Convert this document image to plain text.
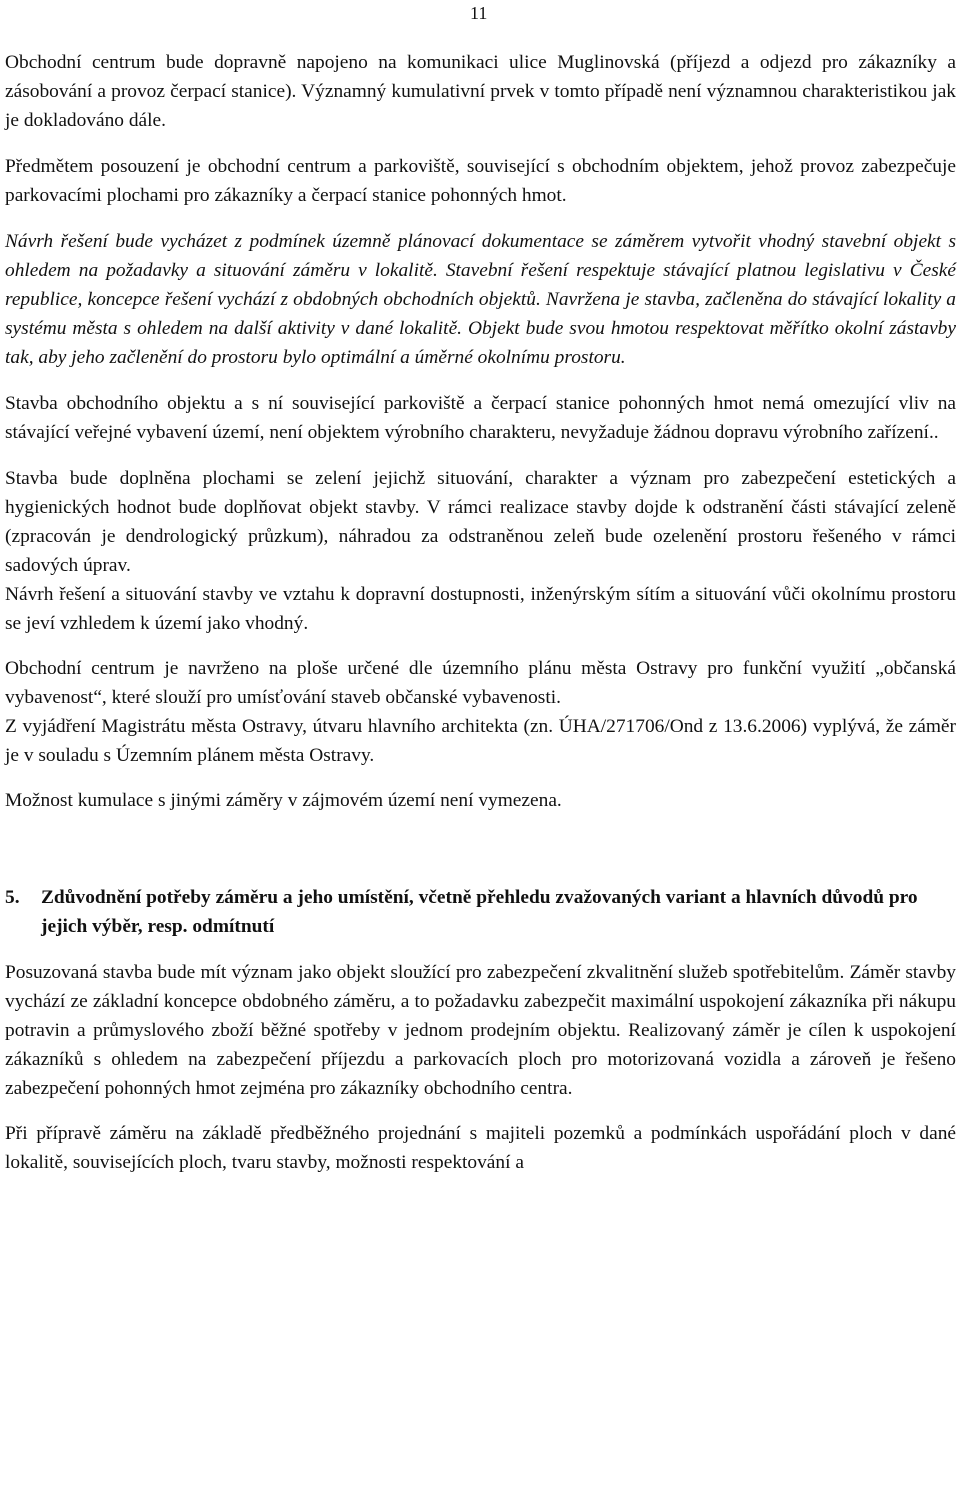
11

Obchodní centrum bude dopravně napojeno na komunikaci ulice Muglinovská (příjezd a odjezd pro zákazníky a zásobování a provoz čerpací stanice). Významný kumulativní prvek v tomto případě není významnou charakteristikou jak je dokladováno dále.

Předmětem posouzení je obchodní centrum a parkoviště, související s obchodním objektem, jehož provoz zabezpečuje parkovacími plochami pro zákazníky a čerpací stanice pohonných hmot.

Návrh řešení bude vycházet z podmínek územně plánovací dokumentace se záměrem vytvořit vhodný stavební objekt s ohledem na požadavky a situování záměru v lokalitě. Stavební řešení respektuje stávající platnou legislativu v České republice, koncepce řešení vychází z obdobných obchodních objektů. Navržena je stavba, začleněna do stávající lokality a systému města s ohledem na další aktivity v dané lokalitě. Objekt bude svou hmotou respektovat měřítko okolní zástavby tak, aby jeho začlenění do prostoru bylo optimální a úměrné okolnímu prostoru.

Stavba obchodního objektu a s ní související parkoviště a čerpací stanice pohonných hmot nemá omezující vliv na stávající veřejné vybavení území, není objektem výrobního charakteru, nevyžaduje žádnou dopravu výrobního zařízení..

Stavba bude doplněna plochami se zelení jejichž situování, charakter a význam pro zabezpečení estetických a hygienických hodnot bude doplňovat objekt stavby. V rámci realizace stavby dojde k odstranění části stávající zeleně (zpracován je dendrologický průzkum), náhradou za odstraněnou zeleň bude ozelenění prostoru řešeného v rámci sadových úprav.

Návrh řešení a situování stavby ve vztahu k dopravní dostupnosti, inženýrským sítím a situování vůči okolnímu prostoru se jeví vzhledem k území jako vhodný.

Obchodní centrum je navrženo na ploše určené dle územního plánu města Ostravy pro funkční využití „občanská vybavenost“, které slouží pro umísťování staveb občanské vybavenosti.

Z vyjádření Magistrátu města Ostravy, útvaru hlavního architekta (zn. ÚHA/271706/Ond z 13.6.2006) vyplývá, že záměr je v souladu s Územním plánem města Ostravy.

Možnost kumulace s jinými záměry v zájmovém území není vymezena.

5.	Zdůvodnění potřeby záměru a jeho umístění, včetně přehledu zvažovaných variant a hlavních důvodů pro jejich výběr, resp. odmítnutí

Posuzovaná stavba bude mít význam jako objekt sloužící pro zabezpečení zkvalitnění služeb spotřebitelům. Záměr stavby vychází ze základní koncepce obdobného záměru, a to požadavku zabezpečit maximální uspokojení zákazníka při nákupu potravin a průmyslového zboží běžné spotřeby v jednom prodejním objektu. Realizovaný záměr je cílen k uspokojení zákazníků s ohledem na zabezpečení příjezdu a parkovacích ploch pro motorizovaná vozidla a zároveň je řešeno zabezpečení pohonných hmot zejména pro zákazníky obchodního centra.

Při přípravě záměru na základě předběžného projednání s majiteli pozemků a podmínkách uspořádání ploch v dané lokalitě, souvisejících ploch, tvaru stavby, možnosti respektování a
